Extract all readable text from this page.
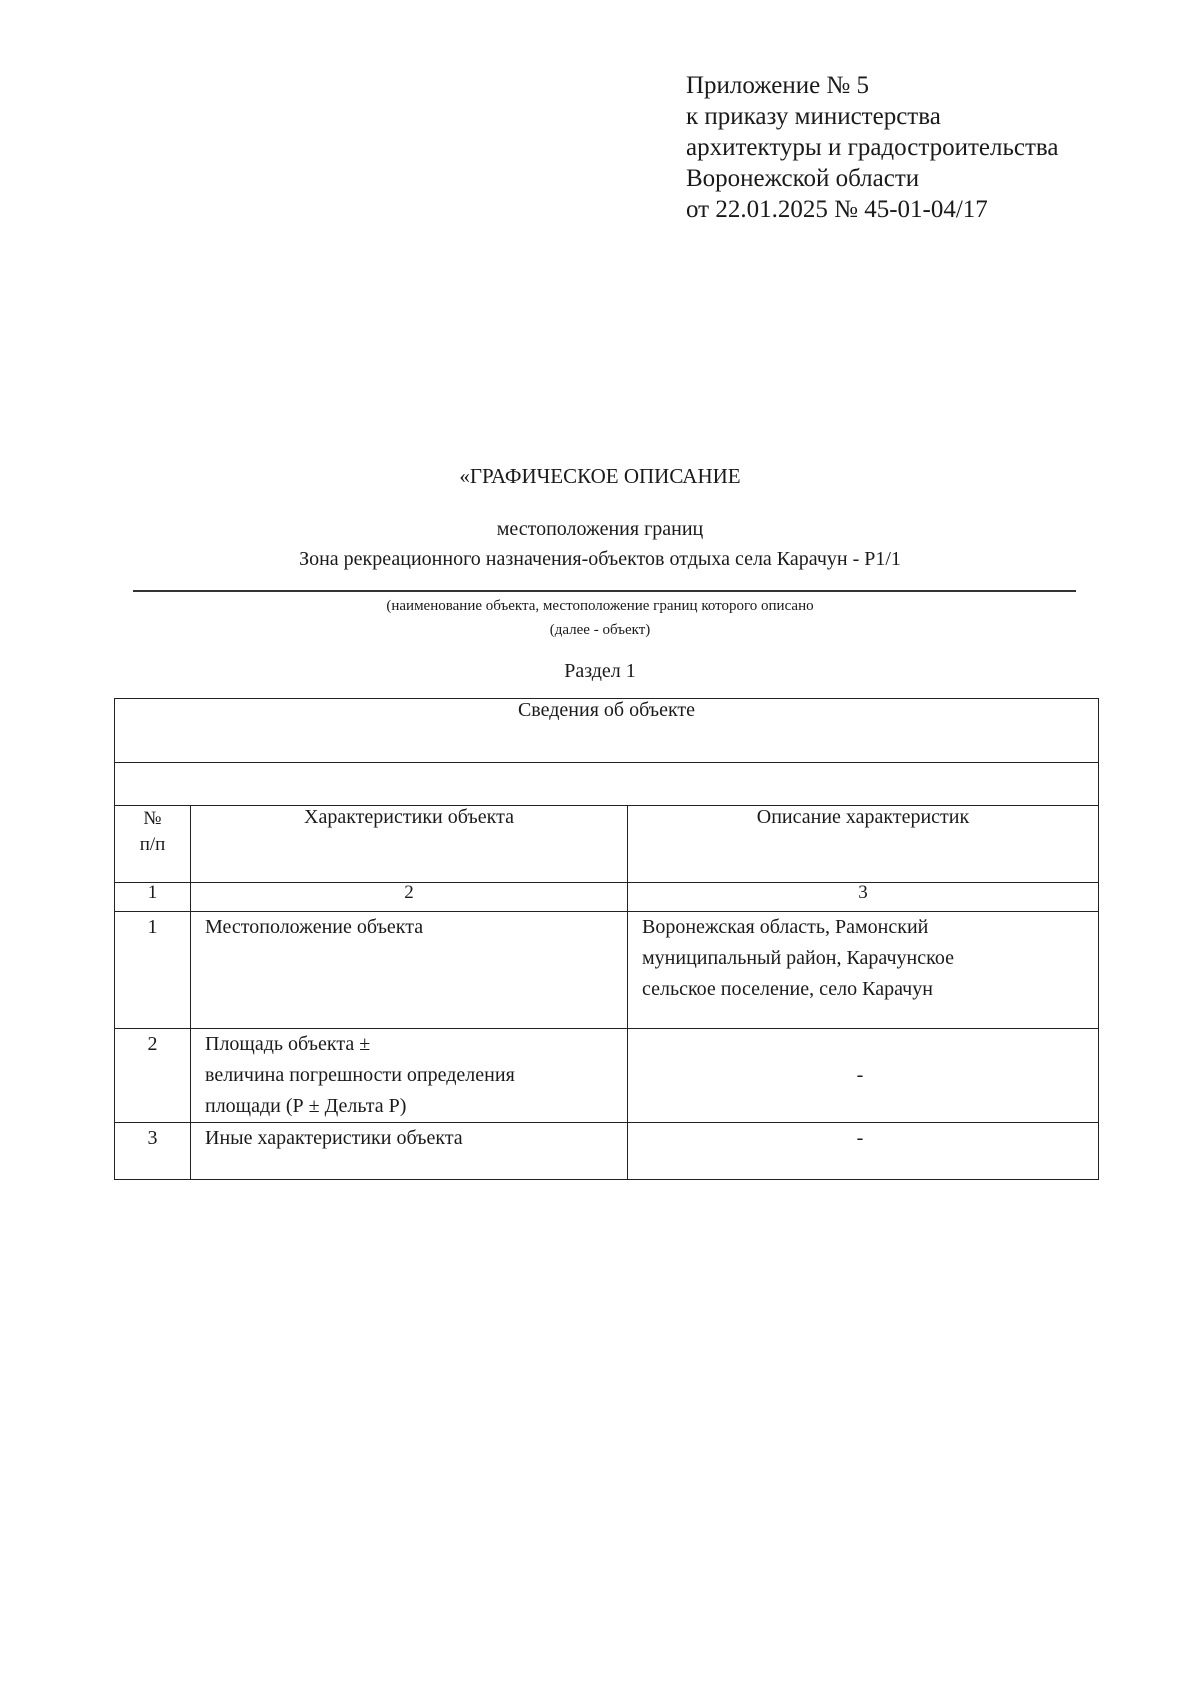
Приложение № 5
к приказу министерства
архитектуры и градостроительства
Воронежской области
от 22.01.2025 № 45-01-04/17
«ГРАФИЧЕСКОЕ ОПИСАНИЕ
местоположения границ
Зона рекреационного назначения-объектов отдыха села Карачун - Р1/1
(наименование объекта, местоположение границ которого описано
(далее - объект)
Раздел 1
Сведения об объекте		

№
п/п	Характеристики объекта	Описание характеристик
1	2	3
1	Местоположение объекта	Воронежская область, Рамонский
муниципальный район, Карачунское
сельское поселение, село Карачун

2	Площадь объекта ±
величина погрешности определения
площади (Р ± Дельта Р)	-
3	Иные характеристики объекта	-
